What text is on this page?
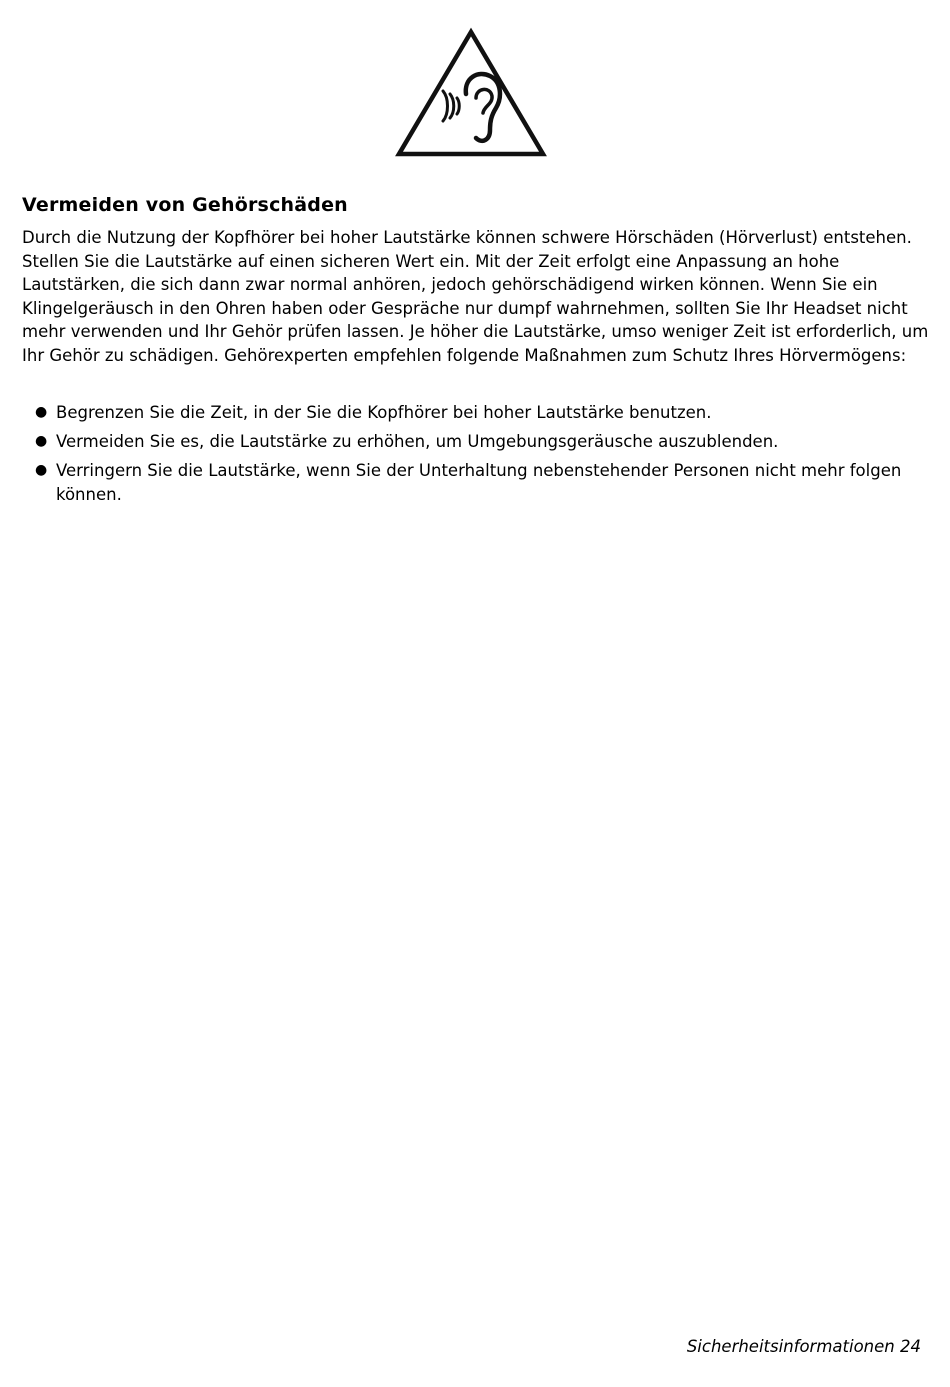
Vermeiden von Gehörschäden

Durch die Nutzung der Kopfhörer bei hoher Lautstärke können schwere Hörschäden (Hörverlust) entstehen. Stellen Sie die Lautstärke auf einen sicheren Wert ein. Mit der Zeit erfolgt eine Anpassung an hohe Lautstärken, die sich dann zwar normal anhören, jedoch gehörschädigend wirken können. Wenn Sie ein Klingelgeräusch in den Ohren haben oder Gespräche nur dumpf wahrnehmen, sollten Sie Ihr Headset nicht mehr verwenden und Ihr Gehör prüfen lassen. Je höher die Lautstärke, umso weniger Zeit ist erforderlich, um Ihr Gehör zu schädigen. Gehörexperten empfehlen folgende Maßnahmen zum Schutz Ihres Hörvermögens:

● Begrenzen Sie die Zeit, in der Sie die Kopfhörer bei hoher Lautstärke benutzen.
● Vermeiden Sie es, die Lautstärke zu erhöhen, um Umgebungsgeräusche auszublenden.
● Verringern Sie die Lautstärke, wenn Sie der Unterhaltung nebenstehender Personen nicht mehr folgen können.
Sicherheitsinformationen 24
